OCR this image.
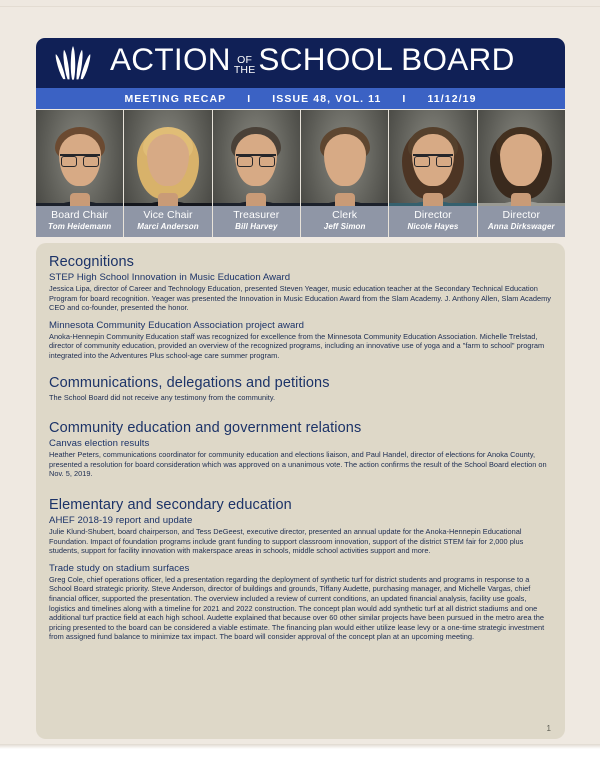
ACTION OF
THE SCHOOL BOARD
MEETING RECAP	I	ISSUE 48, VOL. 11	I	11/12/19
Board Chair
Tom Heidemann
Vice Chair
Marci Anderson
Treasurer
Bill Harvey
Clerk
Jeff Simon
Director
Nicole Hayes
Director
Anna Dirkswager
Recognitions
STEP High School Innovation in Music Education Award

Jessica Lipa, director of Career and Technology Education, presented Steven Yeager, music education teacher at the Secondary Technical Education Program for board recognition. Yeager was presented the Innovation in Music Education Award from the Slam Academy. J. Anthony Allen, Slam Academy CEO and co-founder, presented the honor.

Minnesota Community Education Association project award

Anoka-Hennepin Community Education staff was recognized for excellence from the Minnesota Community Education Association. Michelle Trelstad, director of community education, provided an overview of the recognized programs, including an innovative use of yoga and a "farm to school" program integrated into the Adventures Plus school-age care summer program.

Communications, delegations and petitions

The School Board did not receive any testimony from the community.

Community education and government relations
Canvas election results

Heather Peters, communications coordinator for community education and elections liaison, and Paul Handel, director of elections for Anoka County, presented a resolution for board consideration which was approved on a unanimous vote. The action confirms the result of the School Board election on Nov. 5, 2019.

Elementary and secondary education
AHEF 2018-19 report and update

Julie Klund-Shubert, board chairperson, and Tess DeGeest, executive director, presented an annual update for the Anoka-Hennepin Educational Foundation. Impact of foundation programs include grant funding to support classroom innovation, support of the district STEM fair for 2,000 plus students, support for facility innovation with makerspace areas in schools, middle school activities support and more.

Trade study on stadium surfaces

Greg Cole, chief operations officer, led a presentation regarding the deployment of synthetic turf for district students and programs in response to a School Board strategic priority. Steve Anderson, director of buildings and grounds, Tiffany Audette, purchasing manager, and Michelle Vargas, chief financial officer, supported the presentation. The overview included a review of current conditions, an updated financial analysis, facility use goals, logistics and timelines along with a timeline for 2021 and 2022 construction. The concept plan would add synthetic turf at all district stadiums and one additional turf practice field at each high school. Audette explained that because over 60 other similar projects have been pursued in the metro area the pricing presented to the board can be considered a viable estimate. The financing plan would either utilize lease levy or a one-time strategic investment from assigned fund balance to minimize tax impact. The board will consider approval of the concept plan at an upcoming meeting.

1
